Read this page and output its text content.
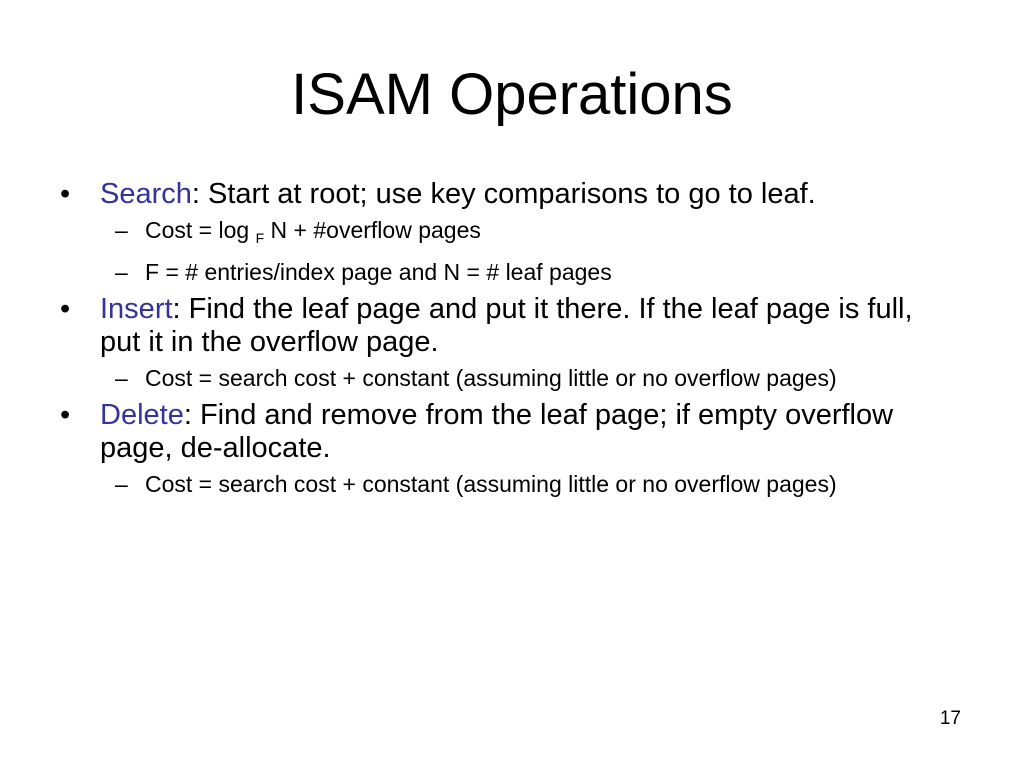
ISAM Operations

•	Search: Start at root; use key comparisons to go to leaf.

– Cost = log $_F$ N + #overflow pages

– F = # entries/index page and N = # leaf pages

•	Insert: Find the leaf page and put it there. If the leaf page is full, put it in the overflow page.

– Cost = search cost + constant (assuming little or no overflow pages)

•	Delete: Find and remove from the leaf page; if empty overflow page, de-allocate.

– Cost = search cost + constant (assuming little or no overflow pages)

17
